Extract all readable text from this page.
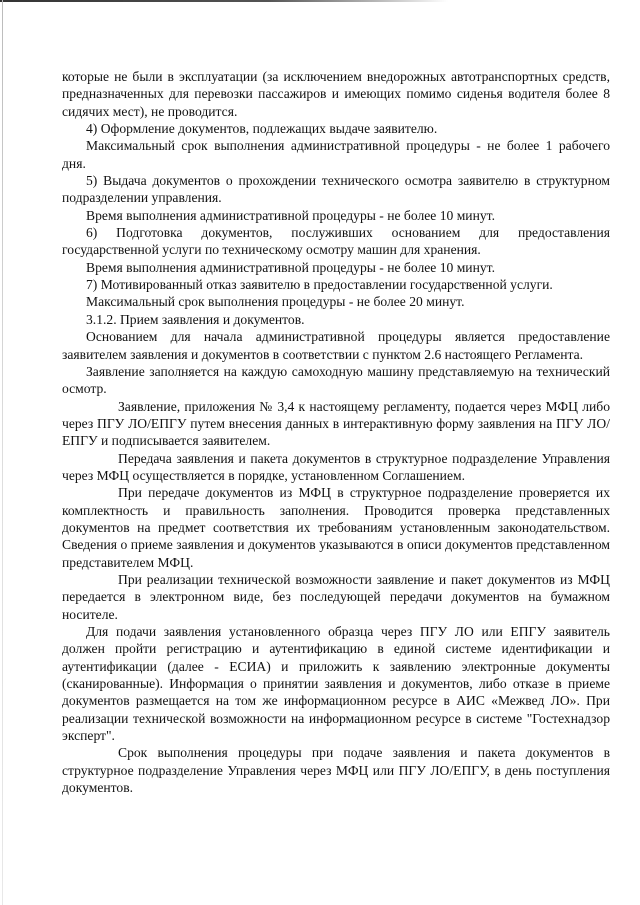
которые не были в эксплуатации (за исключением внедорожных автотранспортных средств, предназначенных для перевозки пассажиров и имеющих помимо сиденья водителя более 8 сидячих мест), не проводится.

4) Оформление документов, подлежащих выдаче заявителю.

Максимальный срок выполнения административной процедуры - не более 1 рабочего дня.

5) Выдача документов о прохождении технического осмотра заявителю в структурном подразделении управления.

Время выполнения административной процедуры - не более 10 минут.

6) Подготовка документов, послуживших основанием для предоставления государственной услуги по техническому осмотру машин для хранения.

Время выполнения административной процедуры - не более 10 минут.

7) Мотивированный отказ заявителю в предоставлении государственной услуги.

Максимальный срок выполнения процедуры - не более 20 минут.

3.1.2. Прием заявления и документов.

Основанием для начала административной процедуры является предоставление заявителем заявления и документов в соответствии с пунктом 2.6 настоящего Регламента.

Заявление заполняется на каждую самоходную машину представляемую на технический осмотр.

Заявление, приложения № 3,4 к настоящему регламенту, подается через МФЦ либо через ПГУ ЛО/ЕПГУ путем внесения данных в интерактивную форму заявления на ПГУ ЛО/ЕПГУ и подписывается заявителем.

Передача заявления и пакета документов в структурное подразделение Управления через МФЦ осуществляется в порядке, установленном Соглашением.

При передаче документов из МФЦ в структурное подразделение проверяется их комплектность и правильность заполнения. Проводится проверка представленных документов на предмет соответствия их требованиям установленным законодательством. Сведения о приеме заявления и документов указываются в описи документов представленном представителем МФЦ.

При реализации технической возможности заявление и пакет документов из МФЦ передается в электронном виде, без последующей передачи документов на бумажном носителе.

Для подачи заявления установленного образца через ПГУ ЛО или ЕПГУ заявитель должен пройти регистрацию и аутентификацию в единой системе идентификации и аутентификации (далее - ЕСИА) и приложить к заявлению электронные документы (сканированные). Информация о принятии заявления и документов, либо отказе в приеме документов размещается на том же информационном ресурсе в АИС «Межвед ЛО». При реализации технической возможности на информационном ресурсе в системе "Гостехнадзор эксперт".

Срок выполнения процедуры при подаче заявления и пакета документов в структурное подразделение Управления через МФЦ или ПГУ ЛО/ЕПГУ, в день поступления документов.
